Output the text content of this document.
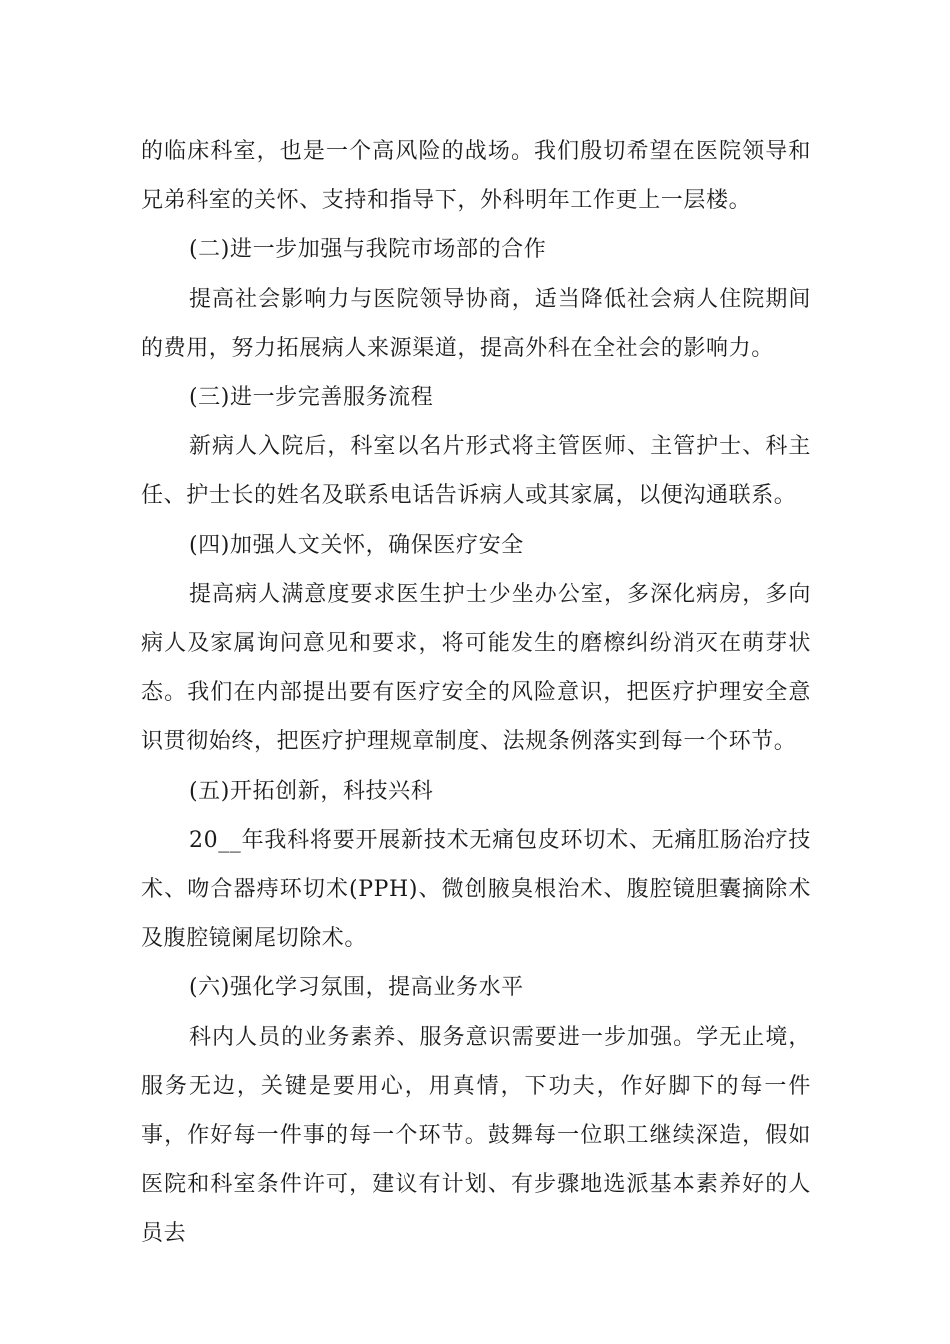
的临床科室，也是一个高风险的战场。我们殷切希望在医院领导和兄弟科室的关怀、支持和指导下，外科明年工作更上一层楼。

(二)进一步加强与我院市场部的合作

提高社会影响力与医院领导协商，适当降低社会病人住院期间的费用，努力拓展病人来源渠道，提高外科在全社会的影响力。

(三)进一步完善服务流程

新病人入院后，科室以名片形式将主管医师、主管护士、科主任、护士长的姓名及联系电话告诉病人或其家属，以便沟通联系。

(四)加强人文关怀，确保医疗安全

提高病人满意度要求医生护士少坐办公室，多深化病房，多向病人及家属询问意见和要求，将可能发生的磨檫纠纷消灭在萌芽状态。我们在内部提出要有医疗安全的风险意识，把医疗护理安全意识贯彻始终，把医疗护理规章制度、法规条例落实到每一个环节。

(五)开拓创新，科技兴科

20__年我科将要开展新技术无痛包皮环切术、无痛肛肠治疗技术、吻合器痔环切术(PPH)、微创腋臭根治术、腹腔镜胆囊摘除术及腹腔镜阑尾切除术。

(六)强化学习氛围，提高业务水平

科内人员的业务素养、服务意识需要进一步加强。学无止境，服务无边，关键是要用心，用真情，下功夫，作好脚下的每一件事，作好每一件事的每一个环节。鼓舞每一位职工继续深造，假如医院和科室条件许可，建议有计划、有步骤地选派基本素养好的人员去
